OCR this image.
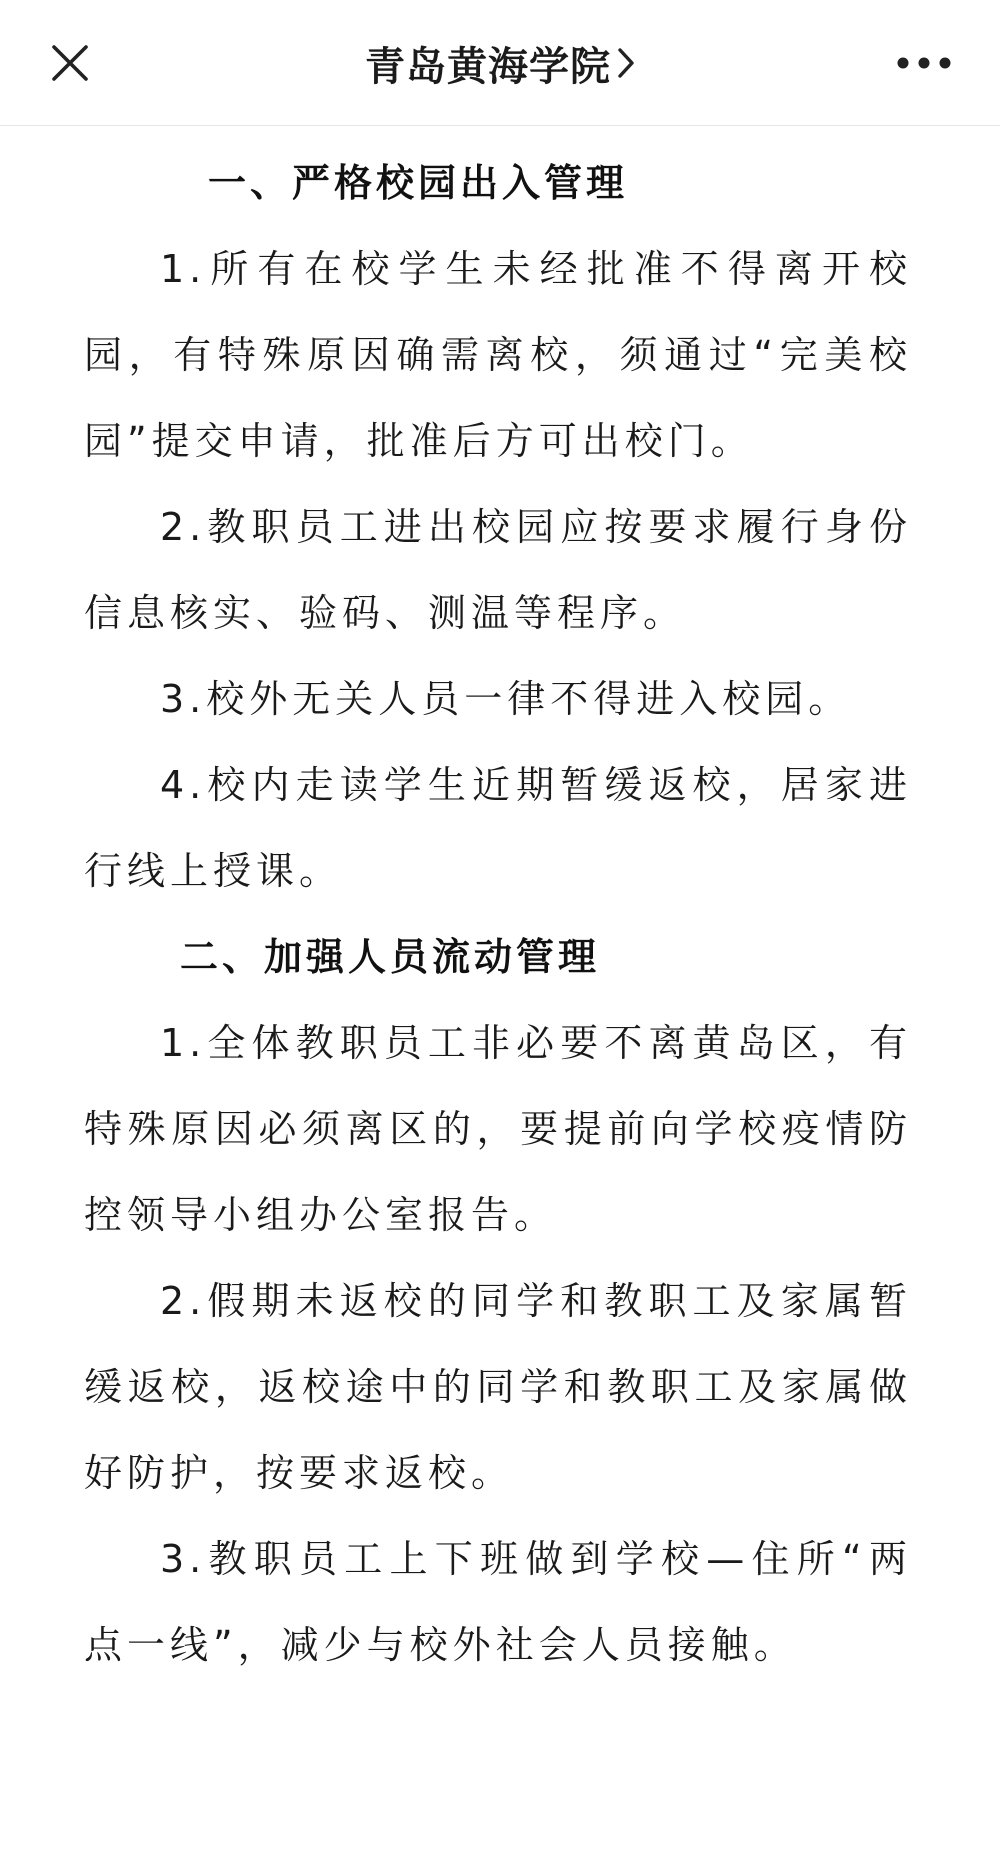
青岛黄海学院

一、严格校园出入管理

1.所有在校学生未经批准不得离开校园，有特殊原因确需离校，须通过“完美校园”提交申请，批准后方可出校门。

2.教职员工进出校园应按要求履行身份信息核实、验码、测温等程序。

3.校外无关人员一律不得进入校园。

4.校内走读学生近期暂缓返校，居家进行线上授课。

二、加强人员流动管理

1.全体教职员工非必要不离黄岛区，有特殊原因必须离区的，要提前向学校疫情防控领导小组办公室报告。

2.假期未返校的同学和教职工及家属暂缓返校，返校途中的同学和教职工及家属做好防护，按要求返校。

3.教职员工上下班做到学校—住所“两点一线”，减少与校外社会人员接触。
